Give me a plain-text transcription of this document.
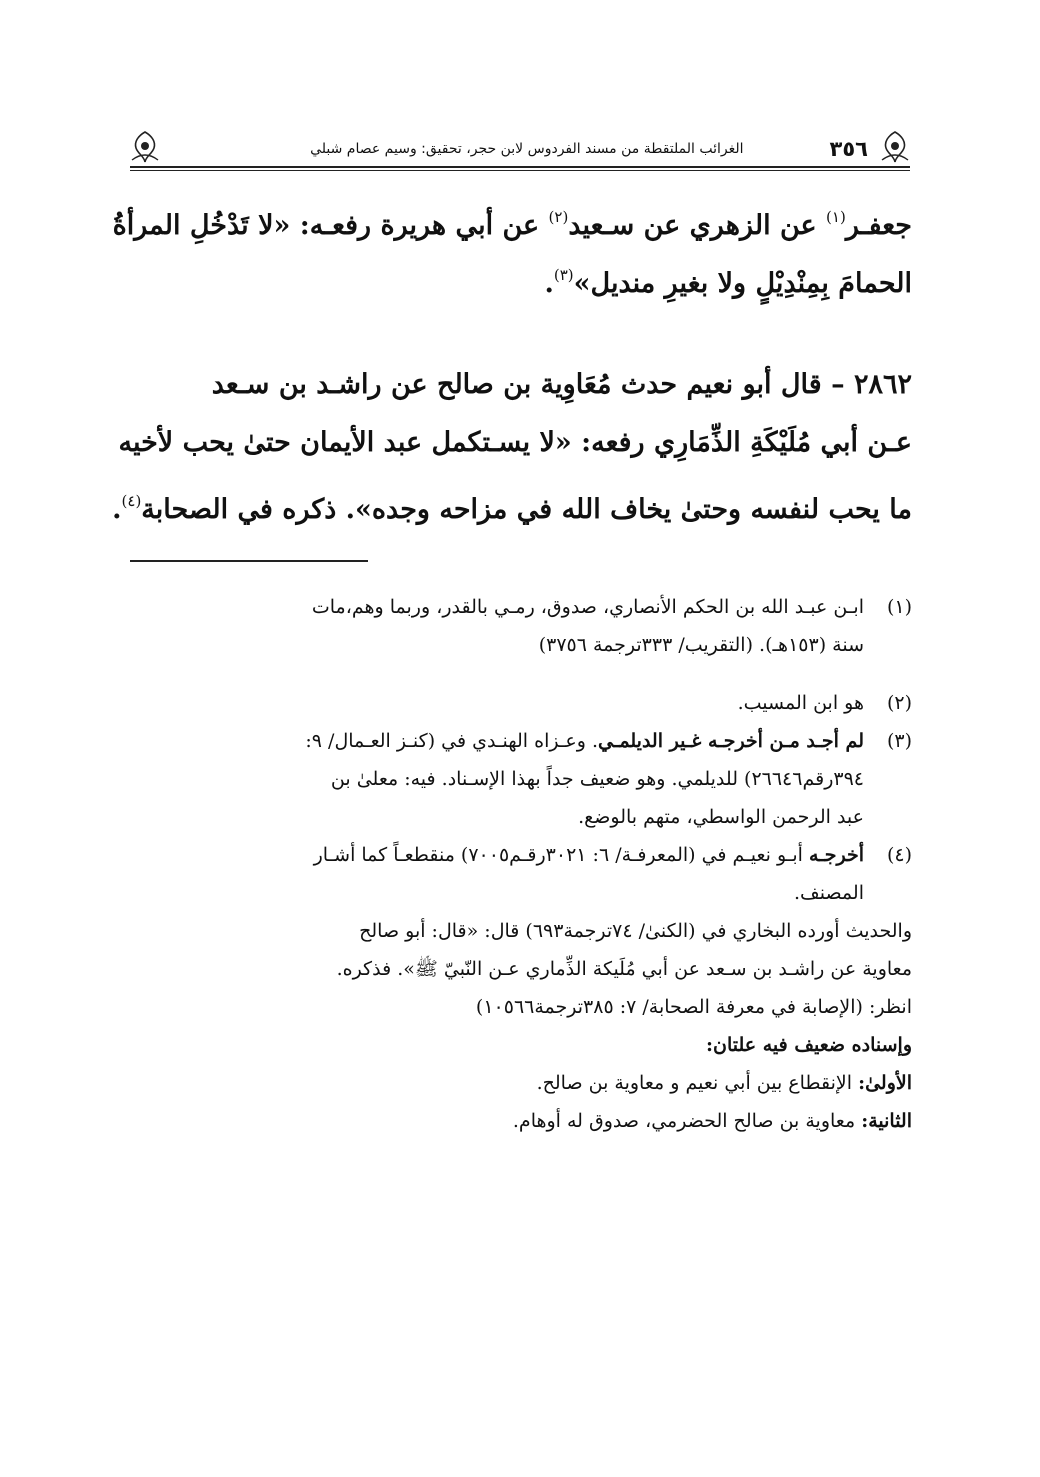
٣٥٦
الغرائب الملتقطة من مسند الفردوس لابن حجر، تحقيق: وسيم عصام شبلي
جعفـر$^{(١)}$ عن الزهري عن سـعيد$^{(٢)}$ عن أبي هريرة رفعـه: «لا تَدْخُلِ المرأةُ
الحمامَ بِمِنْدِيْلٍ ولا بغيرِ منديل»$^{(٣)}$.
٢٨٦٢ – قال أبو نعيم حدث مُعَاوِية بن صالح عن راشـد بن سـعد
عـن أبي مُلَيْكَةِ الذِّمَارِي رفعه: «لا يسـتكمل عبد الأيمان حتىٰ يحب لأخيه
ما يحب لنفسه وحتىٰ يخاف الله في مزاحه وجده». ذكره في الصحابة$^{(٤)}$.
(١)
ابـن عبـد الله بن الحكم الأنصاري، صدوق، رمـي بالقدر، وربما وهم،مات
سنة (١٥٣هـ). (التقريب/ ٣٣٣ترجمة ٣٧٥٦)
(٢)
هو ابن المسيب.
(٣)
لم أجـد مـن أخرجـه غـير الديلمـي. وعـزاه الهنـدي في (كنـز العـمال/ ٩:
٣٩٤رقم٢٦٦٤٦) للديلمي. وهو ضعيف جداً بهذا الإسـناد. فيه: معلىٰ بن
عبد الرحمن الواسطي، متهم بالوضع.
(٤)
أخرجـه أبـو نعيـم في (المعرفـة/ ٦: ٣٠٢١رقـم٧٠٠٥) منقطعـاً كما أشـار
المصنف.
والحديث أورده البخاري في (الكنىٰ/ ٧٤ترجمة٦٩٣) قال: «قال: أبو صالح
معاوية عن راشـد بن سـعد عن أبي مُلَيكة الذِّماري عـن النّبيّ ﷺ». فذكره.
انظر: (الإصابة في معرفة الصحابة/ ٧: ٣٨٥ترجمة١٠٥٦٦)
وإسناده ضعيف فيه علتان:
الأولىٰ: الإنقطاع بين أبي نعيم و معاوية بن صالح.
الثانية: معاوية بن صالح الحضرمي، صدوق له أوهام.
